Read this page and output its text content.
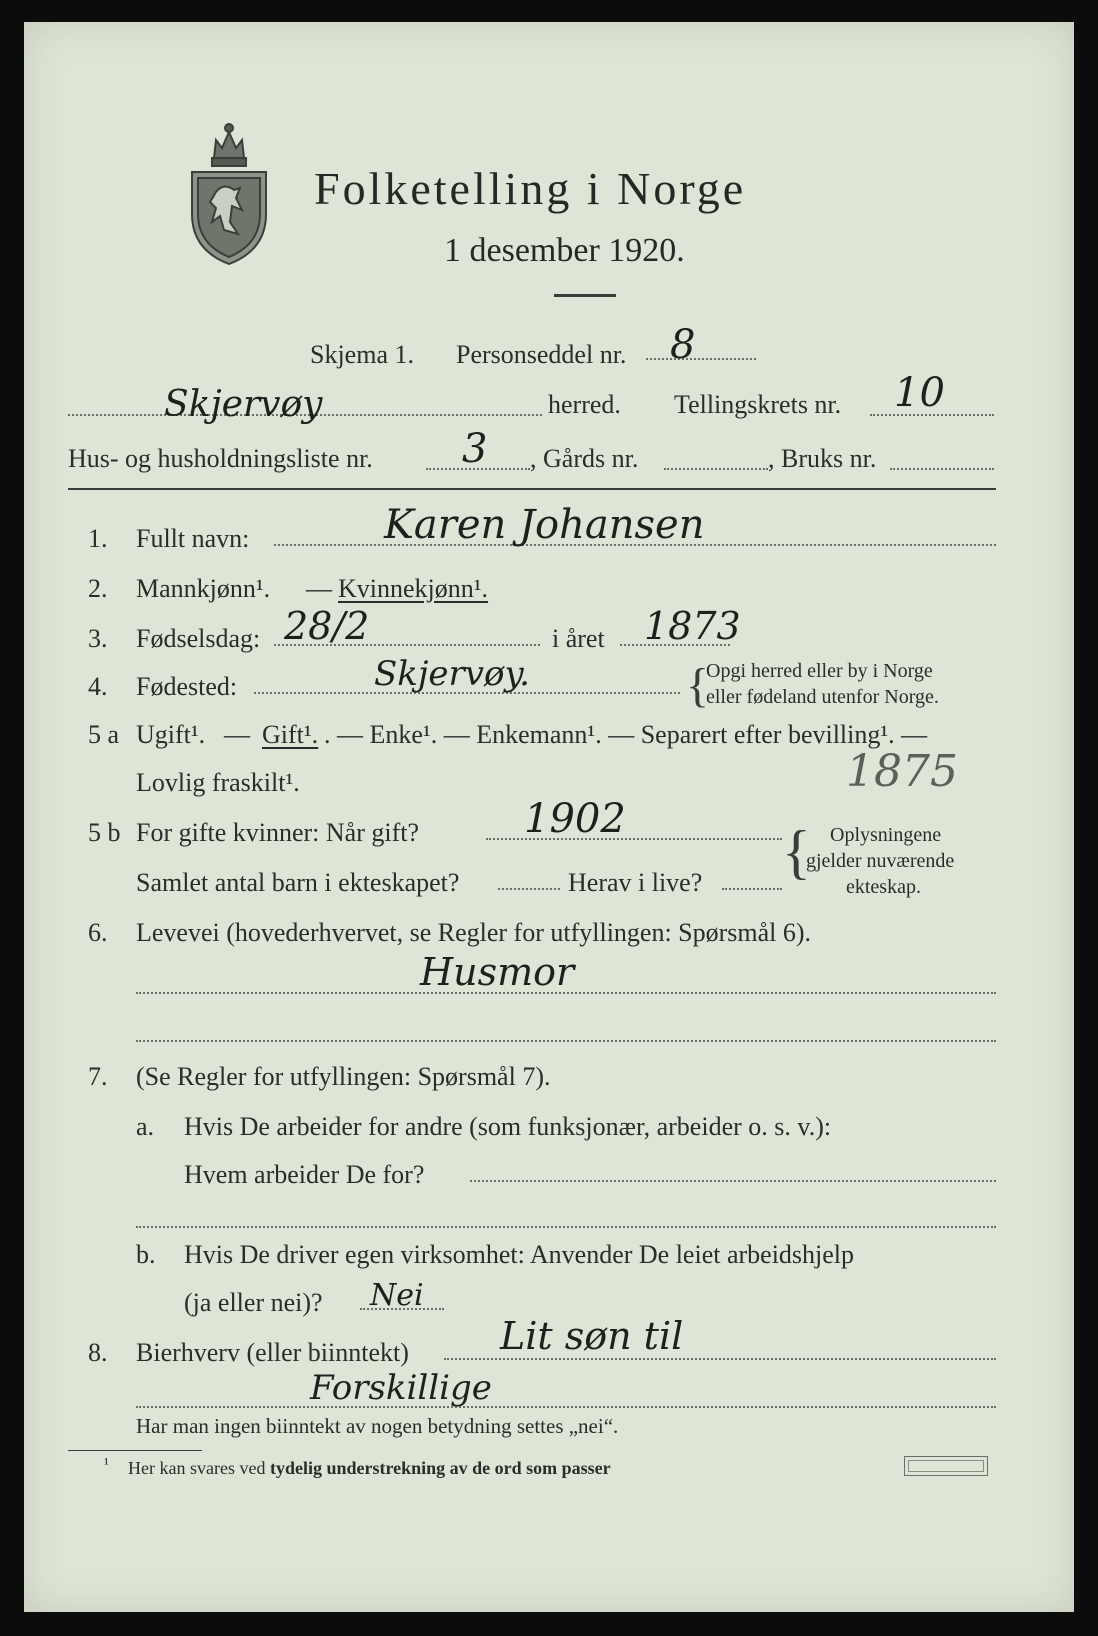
Folketelling i Norge
1 desember 1920.
Skjema 1. Personseddel nr. 8
Skjervøy	herred. Tellingskrets nr. 10
Hus- og husholdningsliste nr. 3 , Gårds nr.	, Bruks nr.
1. Fullt navn:	Karen Johansen
2. Mannkjønn¹. — Kvinnekjønn¹.
3. Fødselsdag: 28/2	i året 1873
4. Fødested:	Skjervøy.	{
Opgi herred eller by i Norge
eller fødeland utenfor Norge.
5 a Ugift¹. — Gift¹. . — Enke¹. — Enkemann¹. — Separert efter bevilling¹. —
Lovlig fraskilt¹.	1875
5 b For gifte kvinner: Når gift?	1902
Samlet antal barn i ekteskapet?	Herav i live? { Oplysningene
gjelder nuværende
ekteskap.
6. Levevei (hovederhvervet, se Regler for utfyllingen: Spørsmål 6).
Husmor
7. (Se Regler for utfyllingen: Spørsmål 7).
a. Hvis De arbeider for andre (som funksjonær, arbeider o. s. v.):
Hvem arbeider De for?
b. Hvis De driver egen virksomhet: Anvender De leiet arbeidshjelp
(ja eller nei)? Nei
8. Bierhverv (eller biinntekt) Lit søn til
Forskillige
Har man ingen biinntekt av nogen betydning settes „nei“.
¹ Her kan svares ved tydelig understrekning av de ord som passer
